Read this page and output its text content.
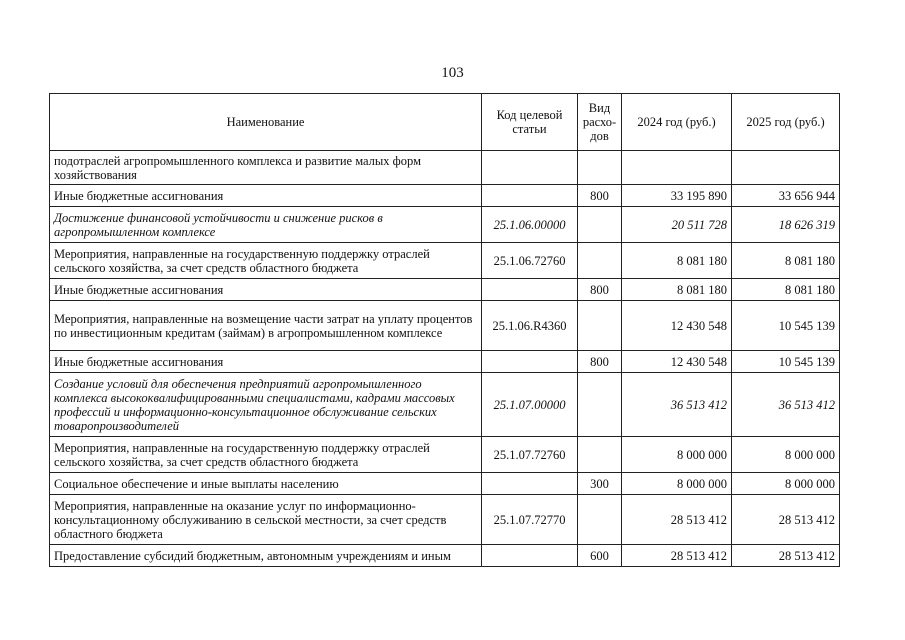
103
Наименование	Код целевой статьи	Вид расхо-дов	2024 год (руб.)	2025 год (руб.)
подотраслей агропромышленного комплекса и развитие малых форм хозяйствования				
Иные бюджетные ассигнования		800	33 195 890	33 656 944
Достижение финансовой устойчивости и снижение рисков в агропромышленном комплексе	25.1.06.00000		20 511 728	18 626 319
Мероприятия, направленные на государственную поддержку отраслей сельского хозяйства, за счет средств областного бюджета	25.1.06.72760		8 081 180	8 081 180
Иные бюджетные ассигнования		800	8 081 180	8 081 180
Мероприятия, направленные на возмещение части затрат на уплату процентов по инвестиционным кредитам (займам) в агропромышленном комплексе	25.1.06.R4360		12 430 548	10 545 139
Иные бюджетные ассигнования		800	12 430 548	10 545 139
Создание условий для обеспечения предприятий агропромышленного комплекса высококвалифицированными специалистами, кадрами массовых профессий и информационно-консультационное обслуживание сельских товаропроизводителей	25.1.07.00000		36 513 412	36 513 412
Мероприятия, направленные на государственную поддержку отраслей сельского хозяйства, за счет средств областного бюджета	25.1.07.72760		8 000 000	8 000 000
Социальное обеспечение и иные выплаты населению		300	8 000 000	8 000 000
Мероприятия, направленные на оказание услуг по информационно-консультационному обслуживанию в сельской местности, за счет средств областного бюджета	25.1.07.72770		28 513 412	28 513 412
Предоставление субсидий бюджетным, автономным учреждениям и иным		600	28 513 412	28 513 412
